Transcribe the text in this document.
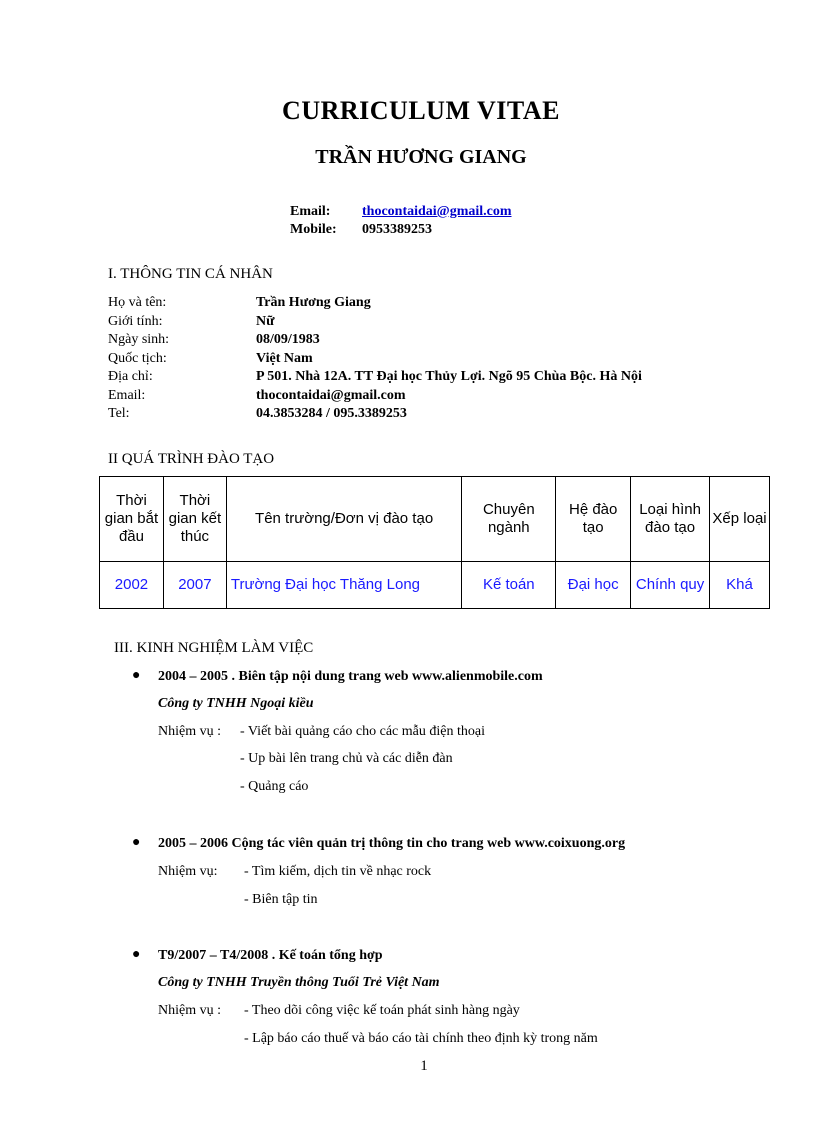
CURRICULUM VITAE
TRẦN HƯƠNG GIANG
Email: thocontaidai@gmail.com
Mobile: 0953389253
I. THÔNG TIN CÁ NHÂN
Họ và tên:	Trần Hương Giang
Giới tính:	Nữ
Ngày sinh:	08/09/1983
Quốc tịch:	Việt Nam
Địa chỉ:	P 501. Nhà 12A. TT Đại học Thủy Lợi. Ngõ 95 Chùa Bộc. Hà Nội
Email:	thocontaidai@gmail.com
Tel:	04.3853284 / 095.3389253
II QUÁ TRÌNH ĐÀO TẠO
Thời gian bắt đầu	Thời gian kết thúc	Tên trường/Đơn vị đào tạo	Chuyên ngành	Hệ đào tạo	Loại hình đào tạo	Xếp loại
2002	2007	Trường Đại học Thăng Long	Kế toán	Đại học	Chính quy	Khá
III. KINH NGHIỆM LÀM VIỆC
● 2004 – 2005 . Biên tập nội dung trang web www.alienmobile.com
Công ty TNHH Ngoại kiều
Nhiệm vụ : - Viết bài quảng cáo cho các mẫu điện thoại
- Up bài lên trang chủ và các diễn đàn
- Quảng cáo
● 2005 – 2006 Cộng tác viên quản trị thông tin cho trang web www.coixuong.org
Nhiệm vụ: - Tìm kiếm, dịch tin về nhạc rock
- Biên tập tin
● T9/2007 – T4/2008 . Kế toán tổng hợp
Công ty TNHH Truyền thông Tuổi Trẻ Việt Nam
Nhiệm vụ : - Theo dõi công việc kế toán phát sinh hàng ngày
- Lập báo cáo thuế và báo cáo tài chính theo định kỳ trong năm
1
